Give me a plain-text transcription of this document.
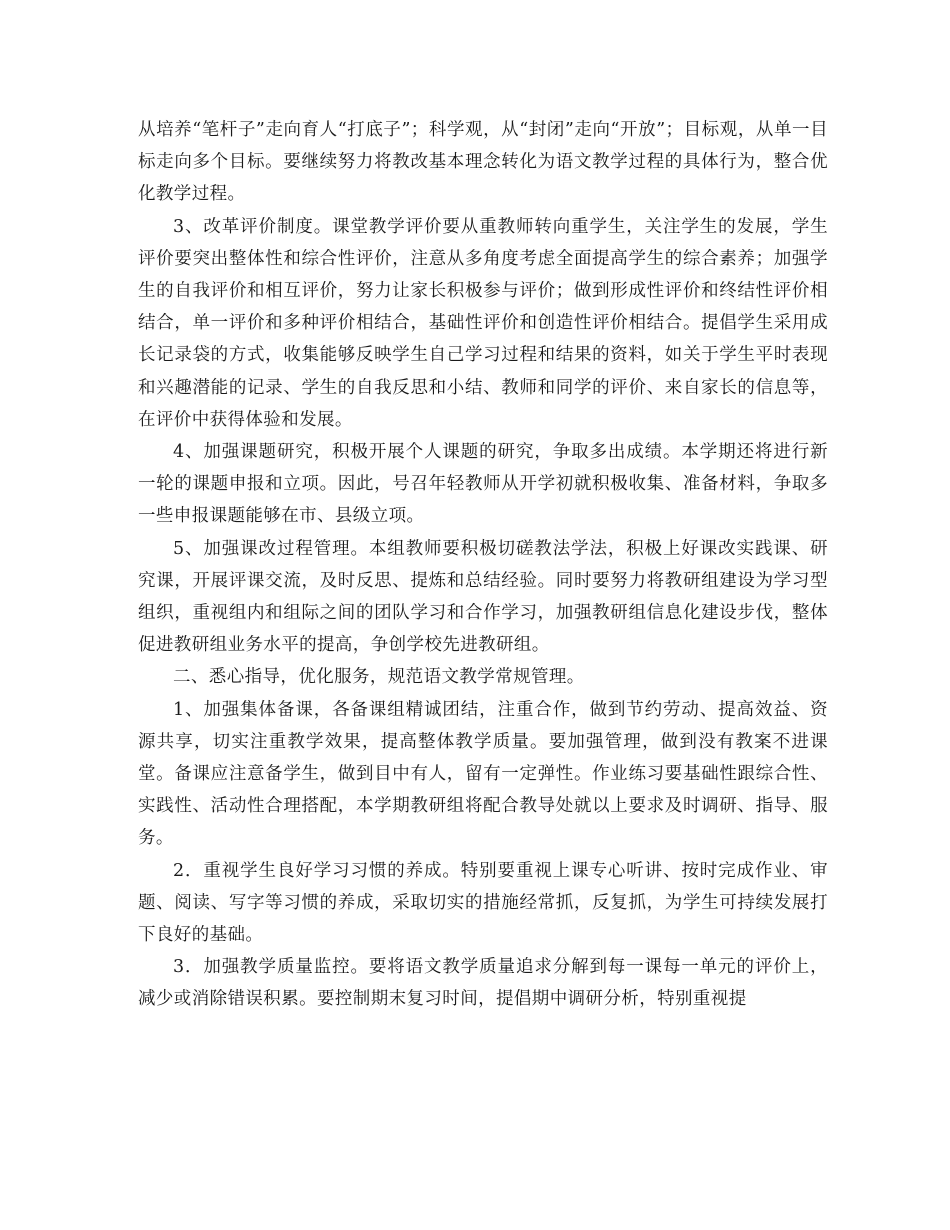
从培养“笔杆子”走向育人“打底子”；科学观，从“封闭”走向“开放”；目标观，从单一目标走向多个目标。要继续努力将教改基本理念转化为语文教学过程的具体行为，整合优化教学过程。

3、改革评价制度。课堂教学评价要从重教师转向重学生，关注学生的发展，学生评价要突出整体性和综合性评价，注意从多角度考虑全面提高学生的综合素养；加强学生的自我评价和相互评价，努力让家长积极参与评价；做到形成性评价和终结性评价相结合，单一评价和多种评价相结合，基础性评价和创造性评价相结合。提倡学生采用成长记录袋的方式，收集能够反映学生自己学习过程和结果的资料，如关于学生平时表现和兴趣潜能的记录、学生的自我反思和小结、教师和同学的评价、来自家长的信息等，在评价中获得体验和发展。

4、加强课题研究，积极开展个人课题的研究，争取多出成绩。本学期还将进行新一轮的课题申报和立项。因此，号召年轻教师从开学初就积极收集、准备材料，争取多一些申报课题能够在市、县级立项。

5、加强课改过程管理。本组教师要积极切磋教法学法，积极上好课改实践课、研究课，开展评课交流，及时反思、提炼和总结经验。同时要努力将教研组建设为学习型组织，重视组内和组际之间的团队学习和合作学习，加强教研组信息化建设步伐，整体促进教研组业务水平的提高，争创学校先进教研组。

二、悉心指导，优化服务，规范语文教学常规管理。

1、加强集体备课，各备课组精诚团结，注重合作，做到节约劳动、提高效益、资源共享，切实注重教学效果，提高整体教学质量。要加强管理，做到没有教案不进课堂。备课应注意备学生，做到目中有人，留有一定弹性。作业练习要基础性跟综合性、实践性、活动性合理搭配，本学期教研组将配合教导处就以上要求及时调研、指导、服务。

2．重视学生良好学习习惯的养成。特别要重视上课专心听讲、按时完成作业、审题、阅读、写字等习惯的养成，采取切实的措施经常抓，反复抓，为学生可持续发展打下良好的基础。

3．加强教学质量监控。要将语文教学质量追求分解到每一课每一单元的评价上，减少或消除错误积累。要控制期末复习时间，提倡期中调研分析，特别重视提
